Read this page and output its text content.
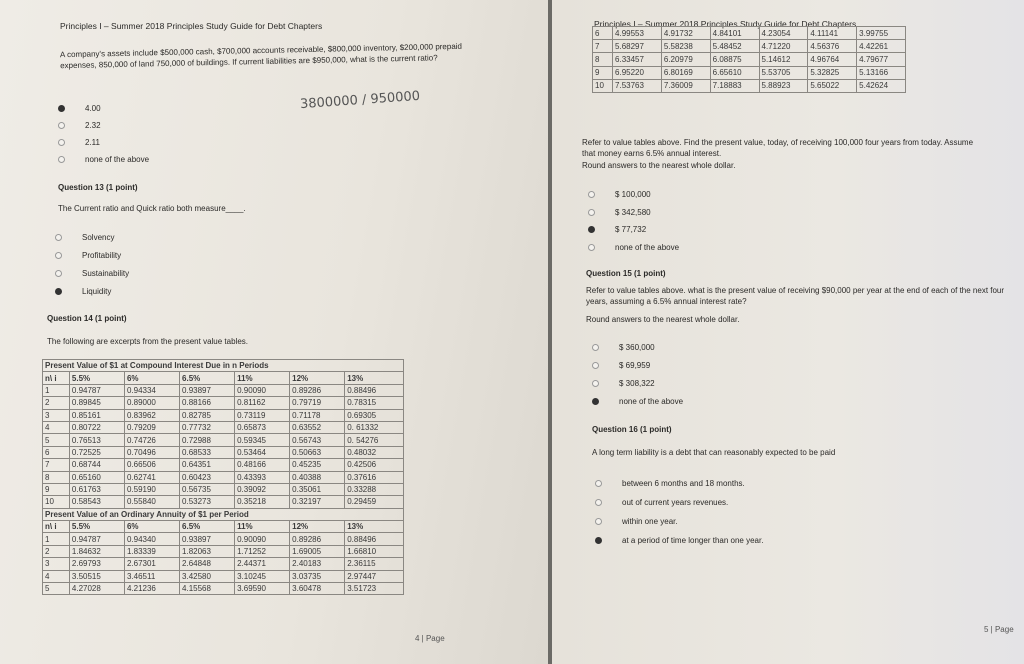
Principles I – Summer 2018 Principles Study Guide for Debt Chapters
A company's assets include $500,000 cash, $700,000 accounts receivable, $800,000 inventory, $200,000 prepaid expenses, 850,000 of land 750,000 of buildings. If current liabilities are $950,000, what is the current ratio?
3800000 / 950000
Question 13 (1 point)
The Current ratio and Quick ratio both measure____.
Question 14 (1 point)
The following are excerpts from the present value tables.
Present Value of $1 at Compound Interest Due in n Periods						
n\ i	5.5%	6%	6.5%	11%	12%	13%
1	0.94787	0.94334	0.93897	0.90090	0.89286	0.88496
2	0.89845	0.89000	0.88166	0.81162	0.79719	0.78315
3	0.85161	0.83962	0.82785	0.73119	0.71178	0.69305
4	0.80722	0.79209	0.77732	0.65873	0.63552	0. 61332
5	0.76513	0.74726	0.72988	0.59345	0.56743	0. 54276
6	0.72525	0.70496	0.68533	0.53464	0.50663	0.48032
7	0.68744	0.66506	0.64351	0.48166	0.45235	0.42506
8	0.65160	0.62741	0.60423	0.43393	0.40388	0.37616
9	0.61763	0.59190	0.56735	0.39092	0.35061	0.33288
10	0.58543	0.55840	0.53273	0.35218	0.32197	0.29459
Present Value of an Ordinary Annuity of $1 per Period						
n\ i	5.5%	6%	6.5%	11%	12%	13%
1	0.94787	0.94340	0.93897	0.90090	0.89286	0.88496
2	1.84632	1.83339	1.82063	1.71252	1.69005	1.66810
3	2.69793	2.67301	2.64848	2.44371	2.40183	2.36115
4	3.50515	3.46511	3.42580	3.10245	3.03735	2.97447
5	4.27028	4.21236	4.15568	3.69590	3.60478	3.51723
4 | Page
4.00
2.32
2.11
none of the above
Solvency
Profitability
Sustainability
Liquidity
Principles I – Summer 2018 Principles Study Guide for Debt Chapters
6	4.99553	4.91732	4.84101	4.23054	4.11141	3.99755
7	5.68297	5.58238	5.48452	4.71220	4.56376	4.42261
8	6.33457	6.20979	6.08875	5.14612	4.96764	4.79677
9	6.95220	6.80169	6.65610	5.53705	5.32825	5.13166
10	7.53763	7.36009	7.18883	5.88923	5.65022	5.42624
Refer to value tables above. Find the present value, today, of receiving 100,000 four years from today. Assume that money earns 6.5% annual interest.
Round answers to the nearest whole dollar.
Question 15 (1 point)
Refer to value tables above. what is the present value of receiving $90,000 per year at the end of each of the next four years, assuming a 6.5% annual interest rate?
Round answers to the nearest whole dollar.
Question 16 (1 point)
A long term liability is a debt that can reasonably expected to be paid
5 | Page
$ 100,000
$ 342,580
$ 77,732
none of the above
$ 360,000
$ 69,959
$ 308,322
none of the above
between 6 months and 18 months.
out of current years revenues.
within one year.
at a period of time longer than one year.
